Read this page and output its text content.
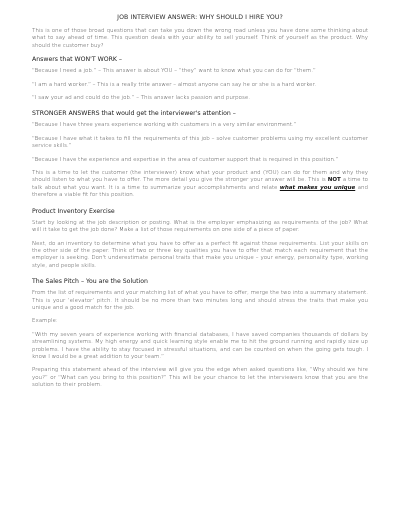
JOB INTERVIEW ANSWER: WHY SHOULD I HIRE YOU?

This is one of those broad questions that can take you down the wrong road unless you have done some thinking about what to say ahead of time. This question deals with your ability to sell yourself. Think of yourself as the product. Why should the customer buy?

Answers that WON'T WORK –

“Because I need a job.” – This answer is about YOU – “they” want to know what you can do for “them.”

“I am a hard worker.” – This is a really trite answer – almost anyone can say he or she is a hard worker.

“I saw your ad and could do the job.” – This answer lacks passion and purpose.

STRONGER ANSWERS that would get the interviewer's attention –

“Because I have three years experience working with customers in a very similar environment.”

“Because I have what it takes to fill the requirements of this job – solve customer problems using my excellent customer service skills.”

“Because I have the experience and expertise in the area of customer support that is required in this position.”

This is a time to let the customer (the interviewer) know what your product and (YOU) can do for them and why they should listen to what you have to offer. The more detail you give the stronger your answer will be. This is NOT a time to talk about what you want. It is a time to summarize your accomplishments and relate what makes you unique and therefore a viable fit for this position.

Product Inventory Exercise

Start by looking at the job description or posting. What is the employer emphasizing as requirements of the job? What will it take to get the job done? Make a list of those requirements on one side of a piece of paper.

Next, do an inventory to determine what you have to offer as a perfect fit against those requirements. List your skills on the other side of the paper. Think of two or three key qualities you have to offer that match each requirement that the employer is seeking. Don't underestimate personal traits that make you unique – your energy, personality type, working style, and people skills.

The Sales Pitch – You are the Solution

From the list of requirements and your matching list of what you have to offer, merge the two into a summary statement. This is your ‘elevator’ pitch. It should be no more than two minutes long and should stress the traits that make you unique and a good match for the job.

Example:

“With my seven years of experience working with financial databases, I have saved companies thousands of dollars by streamlining systems. My high energy and quick learning style enable me to hit the ground running and rapidly size up problems. I have the ability to stay focused in stressful situations, and can be counted on when the going gets tough. I know I would be a great addition to your team.”

Preparing this statement ahead of the interview will give you the edge when asked questions like, “Why should we hire you?” or “What can you bring to this position?” This will be your chance to let the interviewers know that you are the solution to their problem.
